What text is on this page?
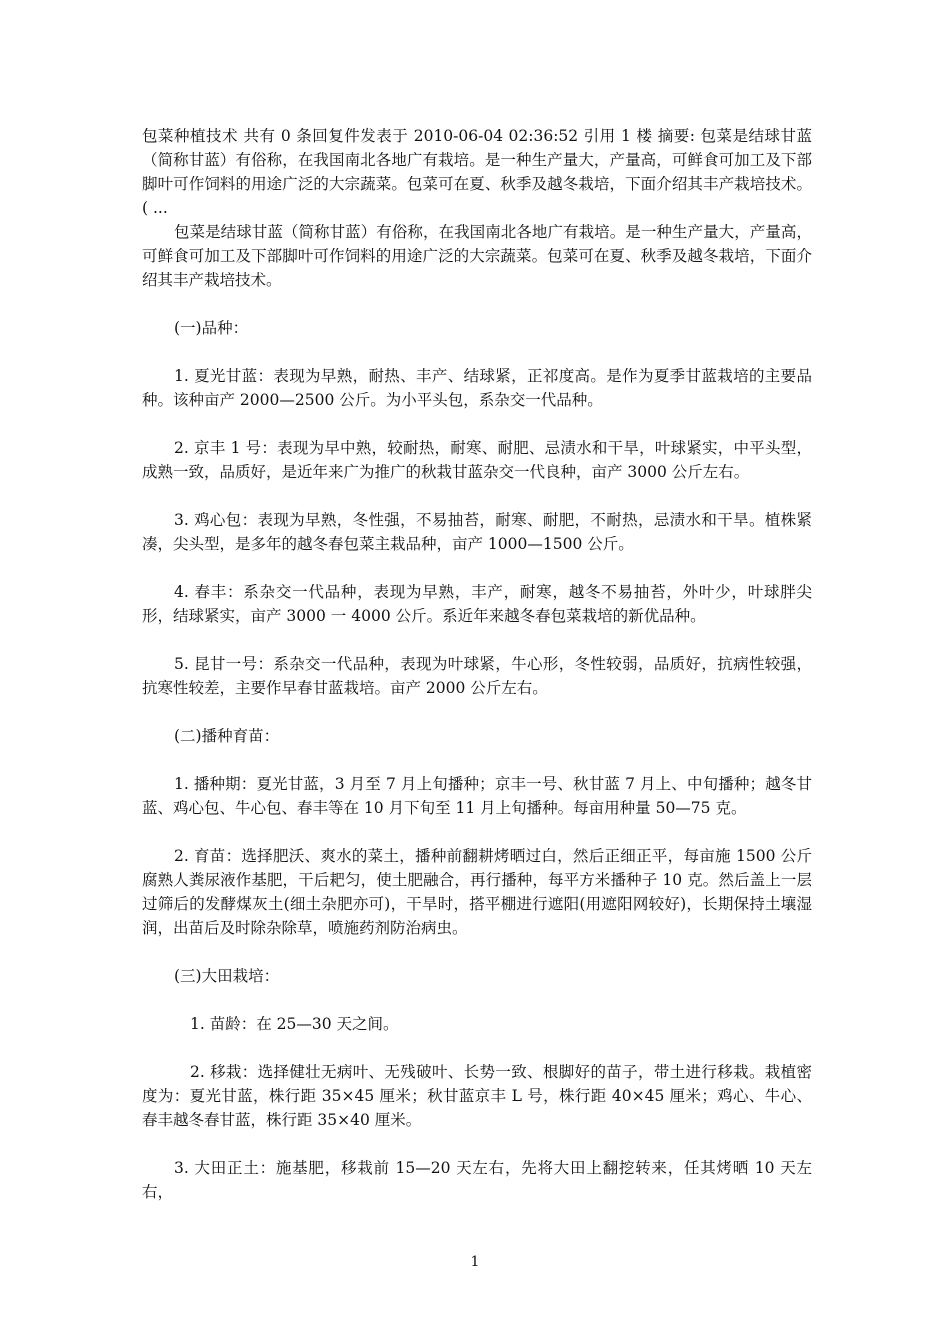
包菜种植技术 共有 0 条回复件发表于 2010-06-04 02:36:52 引用 1 楼 摘要: 包菜是结球甘蓝（简称甘蓝）有俗称，在我国南北各地广有栽培。是一种生产量大，产量高，可鲜食可加工及下部脚叶可作饲料的用途广泛的大宗蔬菜。包菜可在夏、秋季及越冬栽培，下面介绍其丰产栽培技术。 ( ...

包菜是结球甘蓝（简称甘蓝）有俗称，在我国南北各地广有栽培。是一种生产量大，产量高，可鲜食可加工及下部脚叶可作饲料的用途广泛的大宗蔬菜。包菜可在夏、秋季及越冬栽培，下面介绍其丰产栽培技术。

(一)品种：

1. 夏光甘蓝：表现为早熟，耐热、丰产、结球紧，正祁度高。是作为夏季甘蓝栽培的主要品种。该种亩产 2000—2500 公斤。为小平头包，系杂交一代品种。

2. 京丰 1 号：表现为早中熟，较耐热，耐寒、耐肥、忌渍水和干旱，叶球紧实，中平头型，成熟一致，品质好，是近年来广为推广的秋栽甘蓝杂交一代良种，亩产 3000 公斤左右。

3. 鸡心包：表现为早熟，冬性强，不易抽苔，耐寒、耐肥，不耐热，忌渍水和干旱。植株紧凑，尖头型，是多年的越冬春包菜主栽品种，亩产 1000—1500 公斤。

4. 春丰：系杂交一代品种，表现为早熟，丰产，耐寒，越冬不易抽苔，外叶少，叶球胖尖形，结球紧实，亩产 3000 一 4000 公斤。系近年来越冬春包菜栽培的新优品种。

5. 昆甘一号：系杂交一代品种，表现为叶球紧，牛心形，冬性较弱，品质好，抗病性较强，抗寒性较差，主要作早春甘蓝栽培。亩产 2000 公斤左右。

(二)播种育苗：

1. 播种期：夏光甘蓝，3 月至 7 月上旬播种；京丰一号、秋甘蓝 7 月上、中旬播种；越冬甘蓝、鸡心包、牛心包、春丰等在 10 月下旬至 11 月上旬播种。每亩用种量 50—75 克。

2. 育苗：选择肥沃、爽水的菜土，播种前翻耕烤晒过白，然后正细正平，每亩施 1500 公斤腐熟人粪尿液作基肥，干后耙匀，使土肥融合，再行播种，每平方米播种子 10 克。然后盖上一层过筛后的发酵煤灰土(细土杂肥亦可)，干旱时，搭平棚进行遮阳(用遮阳网较好)，长期保持土壤湿润，出苗后及时除杂除草，喷施药剂防治病虫。

(三)大田栽培：

1. 苗龄：在 25—30 天之间。

2. 移栽：选择健壮无病叶、无残破叶、长势一致、根脚好的苗子，带土进行移栽。栽植密度为：夏光甘蓝，株行距 35×45 厘米；秋甘蓝京丰 L 号，株行距 40×45 厘米；鸡心、牛心、春丰越冬春甘蓝，株行距 35×40 厘米。

3. 大田正土：施基肥，移栽前 15—20 天左右，先将大田上翻挖转来，任其烤晒 10 天左右，

1
